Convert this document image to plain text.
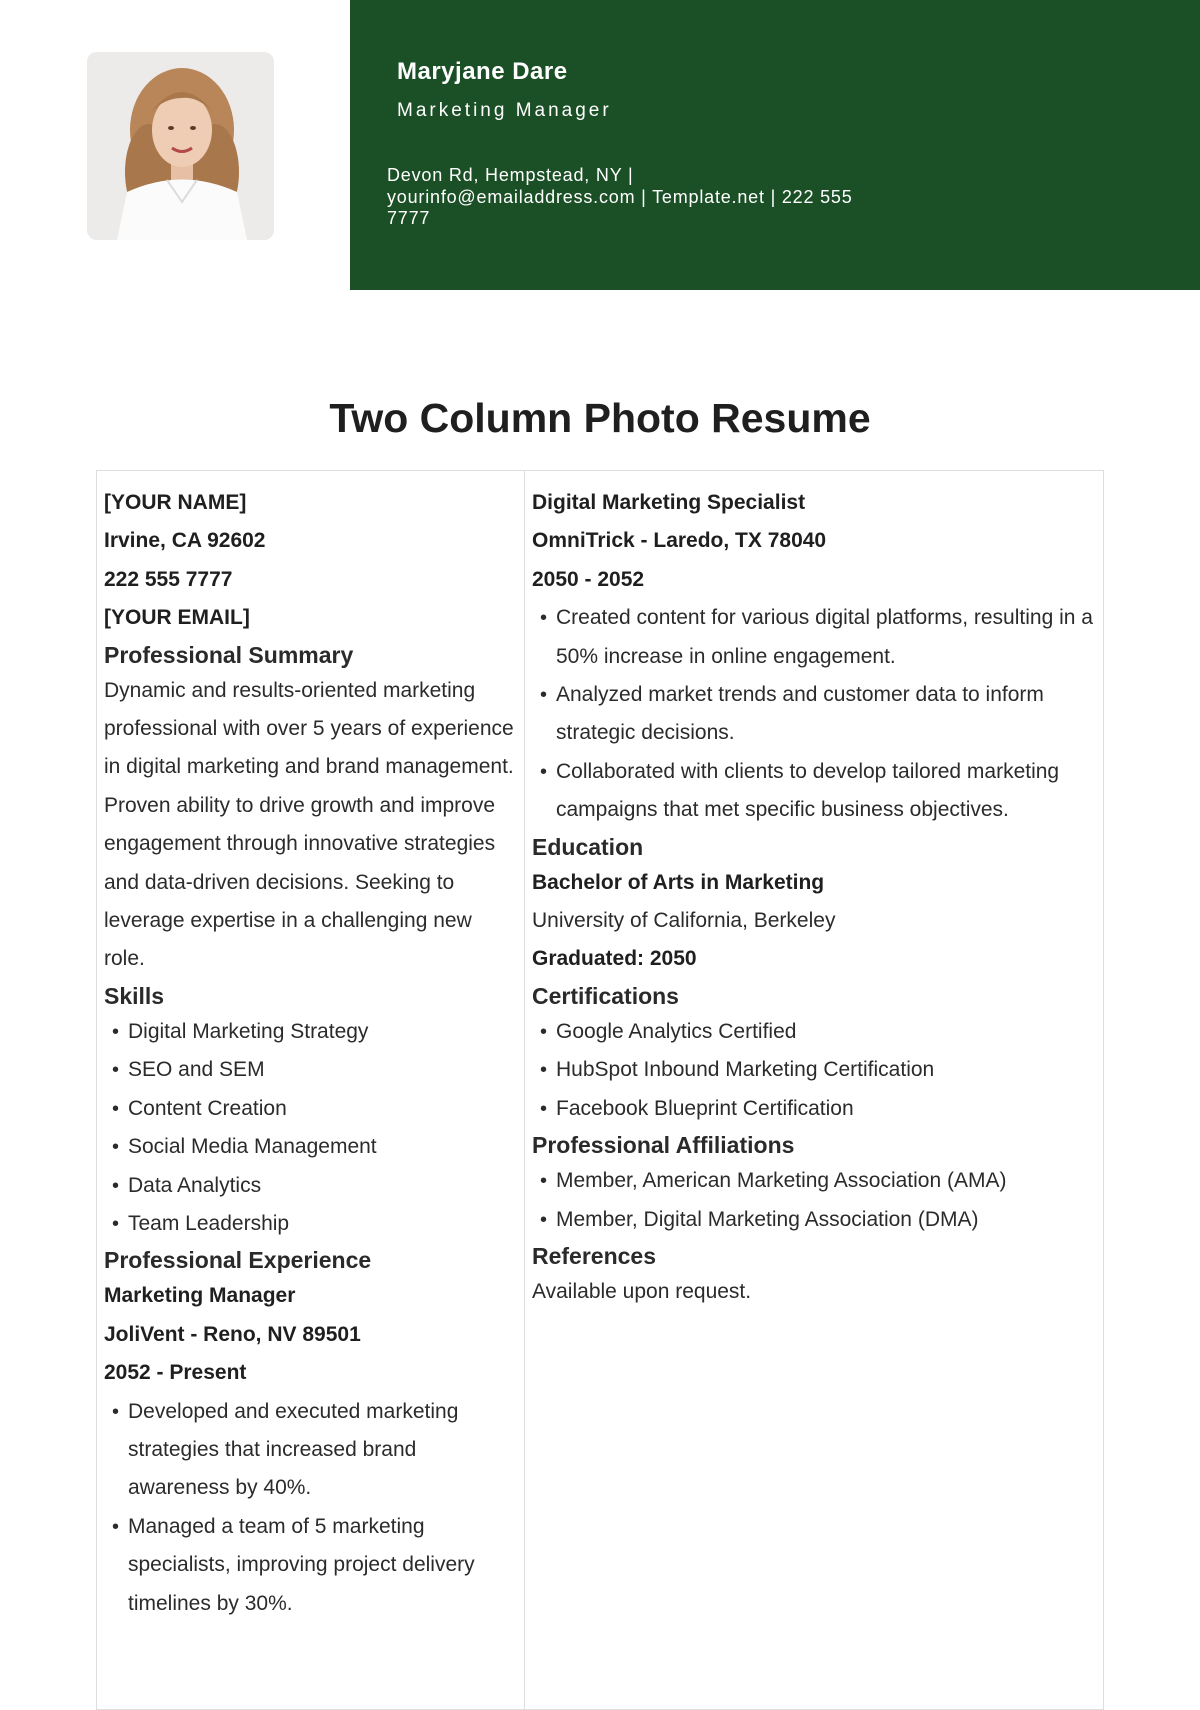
Maryjane Dare
Marketing Manager
Devon Rd, Hempstead, NY | yourinfo@emailaddress.com | Template.net | 222 555 7777
Two Column Photo Resume

[YOUR NAME]

Irvine, CA 92602

222 555 7777

[YOUR EMAIL]

Professional Summary

Dynamic and results-oriented marketing professional with over 5 years of experience in digital marketing and brand management.

Proven ability to drive growth and improve engagement through innovative strategies and data-driven decisions. Seeking to leverage expertise in a challenging new role.

Skills

• Digital Marketing Strategy
• SEO and SEM
• Content Creation
• Social Media Management
• Data Analytics
• Team Leadership

Professional Experience

Marketing Manager

JoliVent - Reno, NV 89501

2052 - Present

• Developed and executed marketing strategies that increased brand awareness by 40%.
• Managed a team of 5 marketing specialists, improving project delivery timelines by 30%.

Digital Marketing Specialist

OmniTrick - Laredo, TX 78040

2050 - 2052

• Created content for various digital platforms, resulting in a 50% increase in online engagement.
• Analyzed market trends and customer data to inform strategic decisions.
• Collaborated with clients to develop tailored marketing campaigns that met specific business objectives.

Education

Bachelor of Arts in Marketing

University of California, Berkeley

Graduated: 2050

Certifications

• Google Analytics Certified
• HubSpot Inbound Marketing Certification
• Facebook Blueprint Certification

Professional Affiliations

• Member, American Marketing Association (AMA)
• Member, Digital Marketing Association (DMA)

References

Available upon request.
